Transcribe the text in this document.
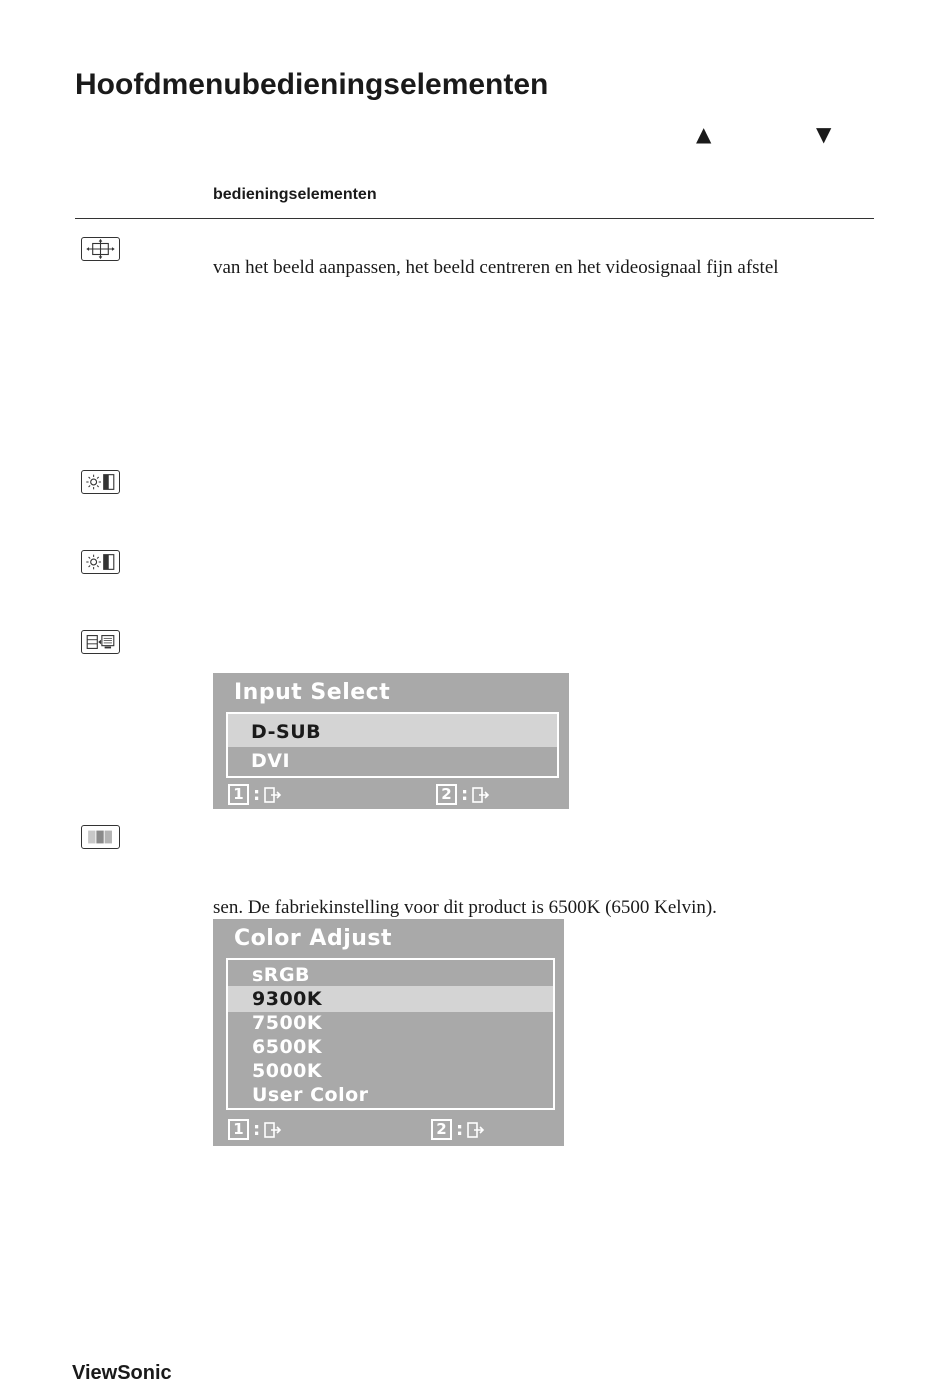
Hoofdmenubedieningselementen
▲	▼
bedieningselementen
van het beeld aanpassen, het beeld centreren en het videosignaal fijn afstel
Input Select
D-SUB
DVI
1 :	2 :
sen. De fabriekinstelling voor dit product is 6500K (6500 Kelvin).
Color Adjust
sRGB
9300K
7500K
6500K
5000K
User Color
1 :	2 :
ViewSonic
